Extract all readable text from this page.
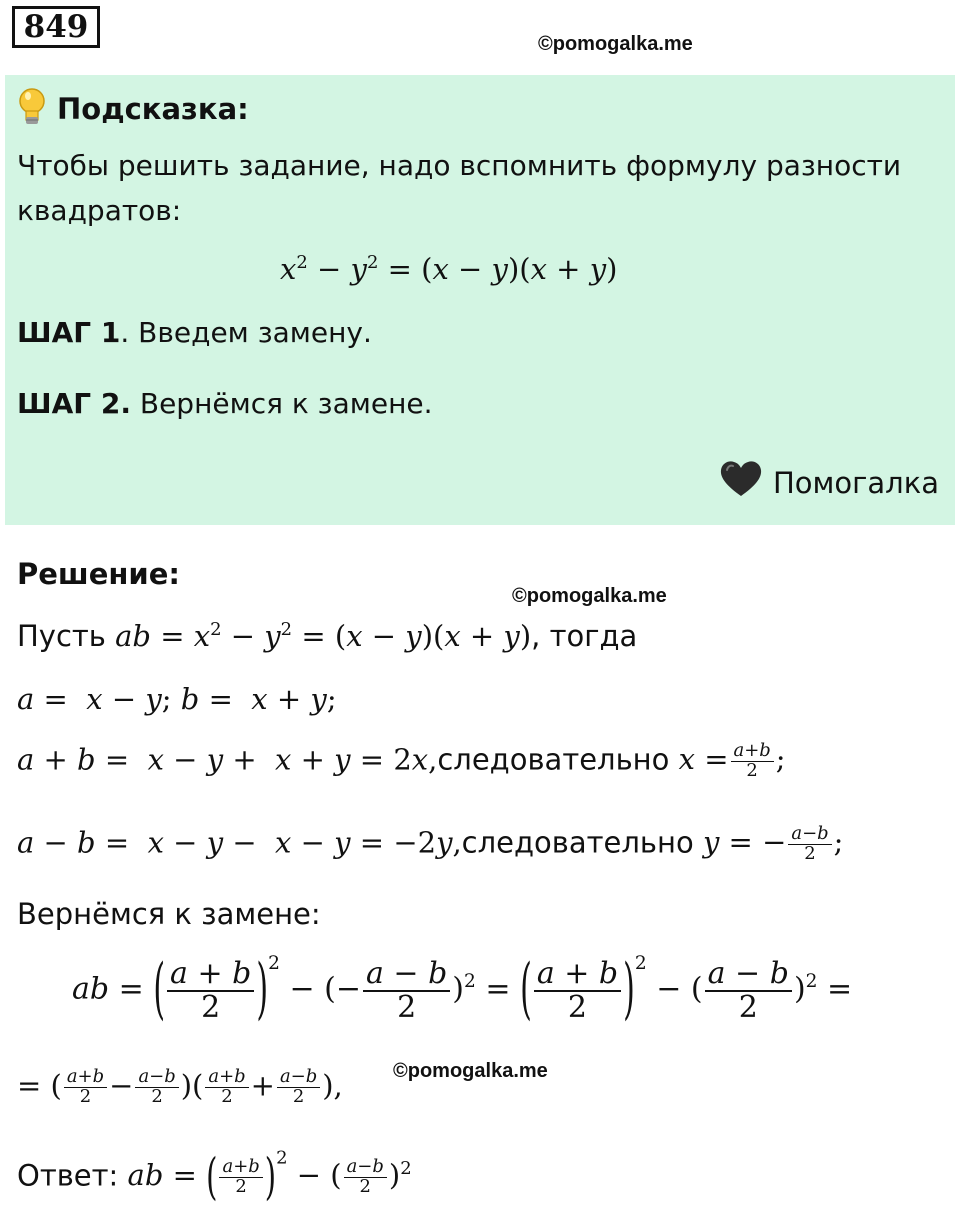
849	©pomogalka.me
Подсказка:
Чтобы решить задание, надо вспомнить формулу разности
квадратов:
$x^2 - y^2 = (x - y)(x + y)$
ШАГ 1. Введем замену.
ШАГ 2. Вернёмся к замене.
Помогалка
Решение:
©pomogalka.me
Пусть ab = $x^2 - y^2 = (x - y)(x + y)$, тогда
a =  x − y; b =  x + y;
a + b =  x − y +  x + y = 2x,следовательно $x = \frac{a+b}{2}$ ;
a − b =  x − y −  x − y = −2y,следовательно y = − $\frac{a-b}{2}$ ;
Вернёмся к замене:
ab = ( $\frac{a + b}{2} )^2$ − (− $\frac{a - b}{2} )^2$ = ( $\frac{a + b}{2} )^2$ − ( $\frac{a - b}{2} )^2$ =
©pomogalka.me
= ( $\frac{a+b}{2} - \frac{a-b}{2}$ )( $\frac{a+b}{2} + \frac{a-b}{2}$ ),
Ответ: ab = ( $\frac{a+b}{2} )^2$ − ( $\frac{a-b}{2} )^2$
